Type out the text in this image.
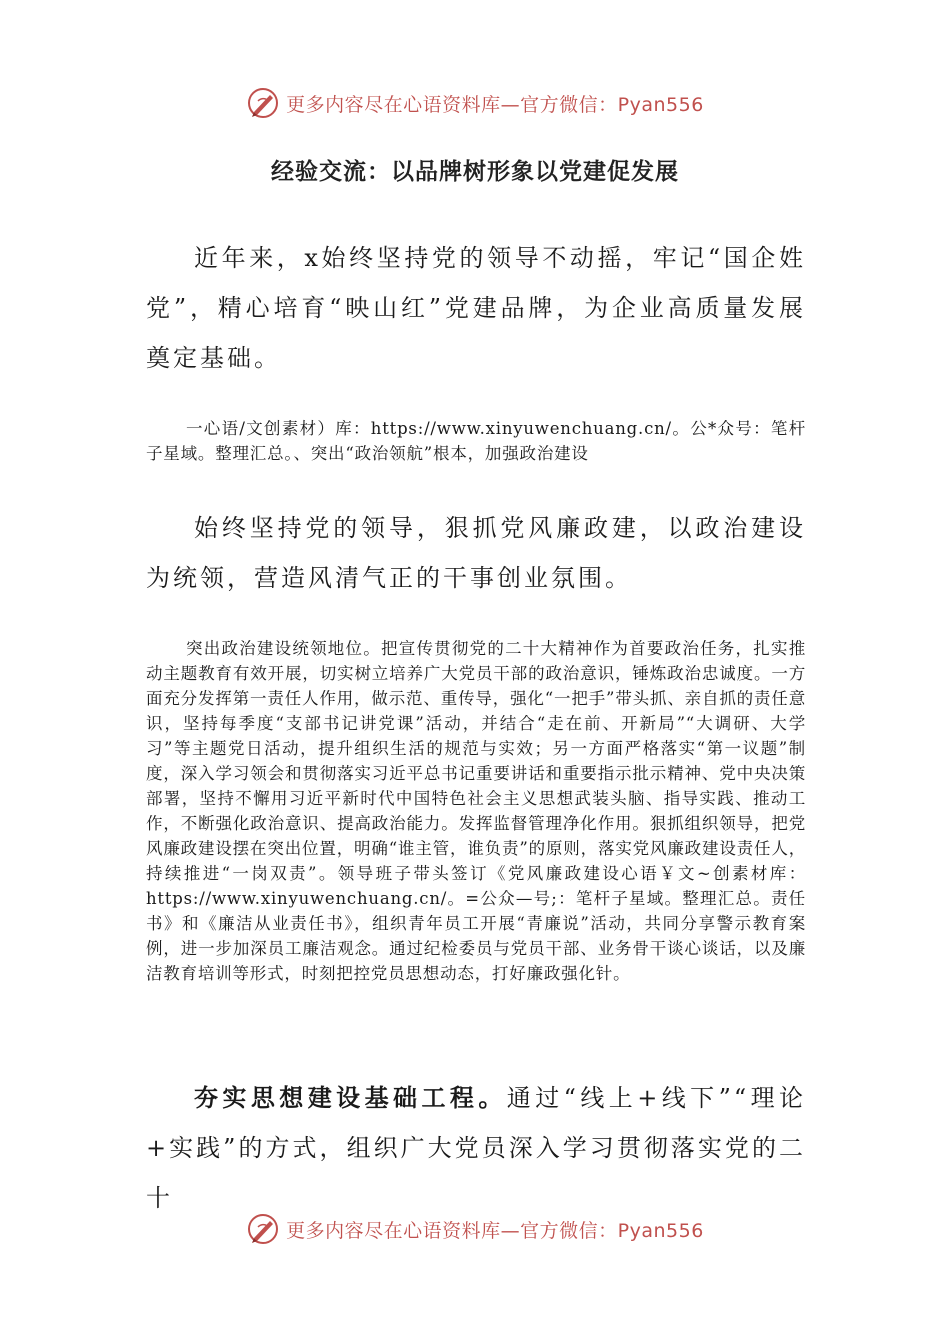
更多内容尽在心语资料库—官方微信：Pyan556
经验交流：以品牌树形象以党建促发展

近年来，x始终坚持党的领导不动摇，牢记“国企姓党”，精心培育“映山红”党建品牌，为企业高质量发展奠定基础。

一心语/文创素材）库：https://www.xinyuwenchuang.cn/。公*众号：笔杆子星域。整理汇总。、突出“政治领航”根本，加强政治建设

始终坚持党的领导，狠抓党风廉政建，以政治建设为统领，营造风清气正的干事创业氛围。

突出政治建设统领地位。把宣传贯彻党的二十大精神作为首要政治任务，扎实推动主题教育有效开展，切实树立培养广大党员干部的政治意识，锤炼政治忠诚度。一方面充分发挥第一责任人作用，做示范、重传导，强化“一把手”带头抓、亲自抓的责任意识，坚持每季度“支部书记讲党课”活动，并结合“走在前、开新局”“大调研、大学习”等主题党日活动，提升组织生活的规范与实效；另一方面严格落实“第一议题”制度，深入学习领会和贯彻落实习近平总书记重要讲话和重要指示批示精神、党中央决策部署，坚持不懈用习近平新时代中国特色社会主义思想武装头脑、指导实践、推动工作，不断强化政治意识、提高政治能力。发挥监督管理净化作用。狠抓组织领导，把党风廉政建设摆在突出位置，明确“谁主管，谁负责”的原则，落实党风廉政建设责任人，持续推进“一岗双责”。领导班子带头签订《党风廉政建设心语￥文~创素材库：https://www.xinyuwenchuang.cn/。=公众—号;：笔杆子星域。整理汇总。责任书》和《廉洁从业责任书》，组织青年员工开展“青廉说”活动，共同分享警示教育案例，进一步加深员工廉洁观念。通过纪检委员与党员干部、业务骨干谈心谈话，以及廉洁教育培训等形式，时刻把控党员思想动态，打好廉政强化针。

夯实思想建设基础工程。通过“线上+线下”“理论+实践”的方式，组织广大党员深入学习贯彻落实党的二十

更多内容尽在心语资料库—官方微信：Pyan556
